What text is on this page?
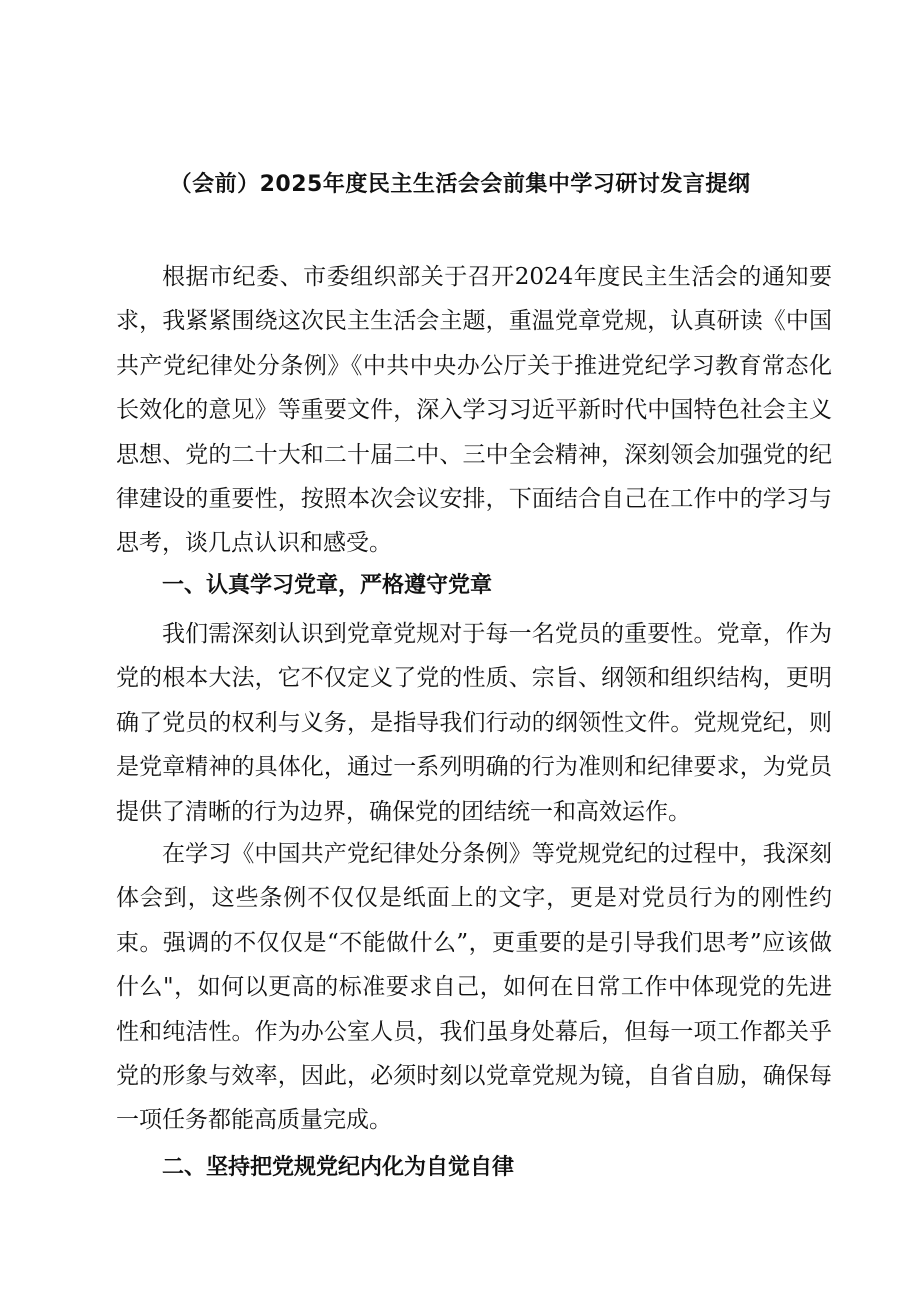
（会前）2025年度民主生活会会前集中学习研讨发言提纲

根据市纪委、市委组织部关于召开2024年度民主生活会的通知要求，我紧紧围绕这次民主生活会主题，重温党章党规，认真研读《中国共产党纪律处分条例》《中共中央办公厅关于推进党纪学习教育常态化长效化的意见》等重要文件，深入学习习近平新时代中国特色社会主义思想、党的二十大和二十届二中、三中全会精神，深刻领会加强党的纪律建设的重要性，按照本次会议安排，下面结合自己在工作中的学习与思考，谈几点认识和感受。

一、认真学习党章，严格遵守党章

我们需深刻认识到党章党规对于每一名党员的重要性。党章，作为党的根本大法，它不仅定义了党的性质、宗旨、纲领和组织结构，更明确了党员的权利与义务，是指导我们行动的纲领性文件。党规党纪，则是党章精神的具体化，通过一系列明确的行为准则和纪律要求，为党员提供了清晰的行为边界，确保党的团结统一和高效运作。

在学习《中国共产党纪律处分条例》等党规党纪的过程中，我深刻体会到，这些条例不仅仅是纸面上的文字，更是对党员行为的刚性约束。强调的不仅仅是“不能做什么”，更重要的是引导我们思考”应该做什么"，如何以更高的标准要求自己，如何在日常工作中体现党的先进性和纯洁性。作为办公室人员，我们虽身处幕后，但每一项工作都关乎党的形象与效率，因此，必须时刻以党章党规为镜，自省自励，确保每一项任务都能高质量完成。

二、坚持把党规党纪内化为自觉自律
